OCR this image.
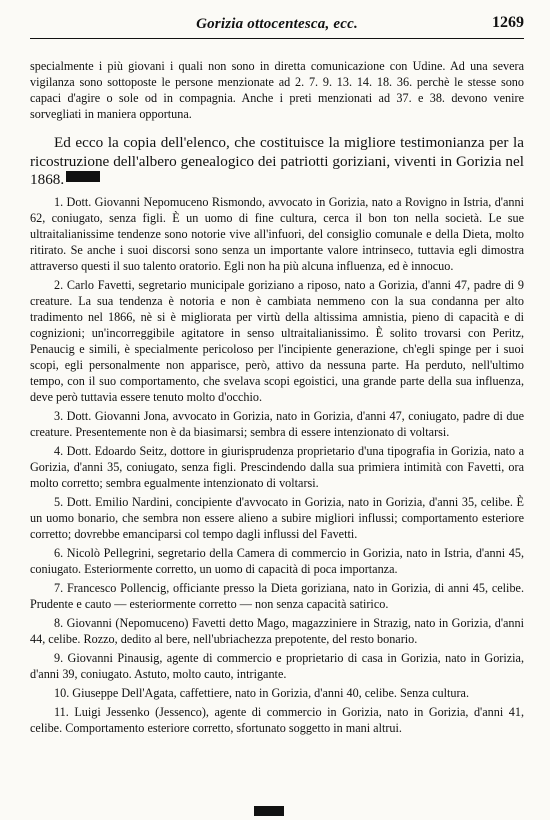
Gorizia ottocentesca, ecc.	1269

specialmente i più giovani i quali non sono in diretta comunicazione con Udine. Ad una severa vigilanza sono sottoposte le persone menzionate ad 2. 7. 9. 13. 14. 18. 36. perchè le stesse sono capaci d'agire o sole od in compagnia. Anche i preti menzionati ad 37. e 38. devono venire sorvegliati in maniera opportuna.

Ed ecco la copia dell'elenco, che costituisce la migliore testimonianza per la ricostruzione dell'albero genealogico dei patriotti goriziani, viventi in Gorizia nel 1868.

1. Dott. Giovanni Nepomuceno Rismondo, avvocato in Gorizia, nato a Rovigno in Istria, d'anni 62, coniugato, senza figli. È un uomo di fine cultura, cerca il bon ton nella società. Le sue ultraitalianissime tendenze sono notorie vive all'infuori, del consiglio comunale e della Dieta, molto ritirato. Se anche i suoi discorsi sono senza un importante valore intrinseco, tuttavia egli dimostra attraverso questi il suo talento oratorio. Egli non ha più alcuna influenza, ed è innocuo.

2. Carlo Favetti, segretario municipale goriziano a riposo, nato a Gorizia, d'anni 47, padre di 9 creature. La sua tendenza è notoria e non è cambiata nemmeno con la sua condanna per alto tradimento nel 1866, nè si è migliorata per virtù della altissima amnistia, pieno di capacità e di cognizioni; un'incorreggibile agitatore in senso ultraitalianissimo. È solito trovarsi con Peritz, Penaucig e simili, è specialmente pericoloso per l'incipiente generazione, ch'egli spinge per i suoi scopi, egli personalmente non apparisce, però, attivo da nessuna parte. Ha perduto, nell'ultimo tempo, con il suo comportamento, che svelava scopi egoistici, una grande parte della sua influenza, deve però tuttavia essere tenuto molto d'occhio.

3. Dott. Giovanni Jona, avvocato in Gorizia, nato in Gorizia, d'anni 47, coniugato, padre di due creature. Presentemente non è da biasimarsi; sembra di essere intenzionato di voltarsi.

4. Dott. Edoardo Seitz, dottore in giurisprudenza proprietario d'una tipografia in Gorizia, nato a Gorizia, d'anni 35, coniugato, senza figli. Prescindendo dalla sua primiera intimità con Favetti, ora molto corretto; sembra egualmente intenzionato di voltarsi.

5. Dott. Emilio Nardini, concipiente d'avvocato in Gorizia, nato in Gorizia, d'anni 35, celibe. È un uomo bonario, che sembra non essere alieno a subire migliori influssi; comportamento esteriore corretto; dovrebbe emanciparsi col tempo dagli influssi del Favetti.

6. Nicolò Pellegrini, segretario della Camera di commercio in Gorizia, nato in Istria, d'anni 45, coniugato. Esteriormente corretto, un uomo di capacità di poca importanza.

7. Francesco Pollencig, officiante presso la Dieta goriziana, nato in Gorizia, di anni 45, celibe. Prudente e cauto — esteriormente corretto — non senza capacità satirico.

8. Giovanni (Nepomuceno) Favetti detto Mago, magazziniere in Strazig, nato in Gorizia, d'anni 44, celibe. Rozzo, dedito al bere, nell'ubriachezza prepotente, del resto bonario.

9. Giovanni Pinausig, agente di commercio e proprietario di casa in Gorizia, nato in Gorizia, d'anni 39, coniugato. Astuto, molto cauto, intrigante.

10. Giuseppe Dell'Agata, caffettiere, nato in Gorizia, d'anni 40, celibe. Senza cultura.

11. Luigi Jessenko (Jessenco), agente di commercio in Gorizia, nato in Gorizia, d'anni 41, celibe. Comportamento esteriore corretto, sfortunato soggetto in mani altrui.
